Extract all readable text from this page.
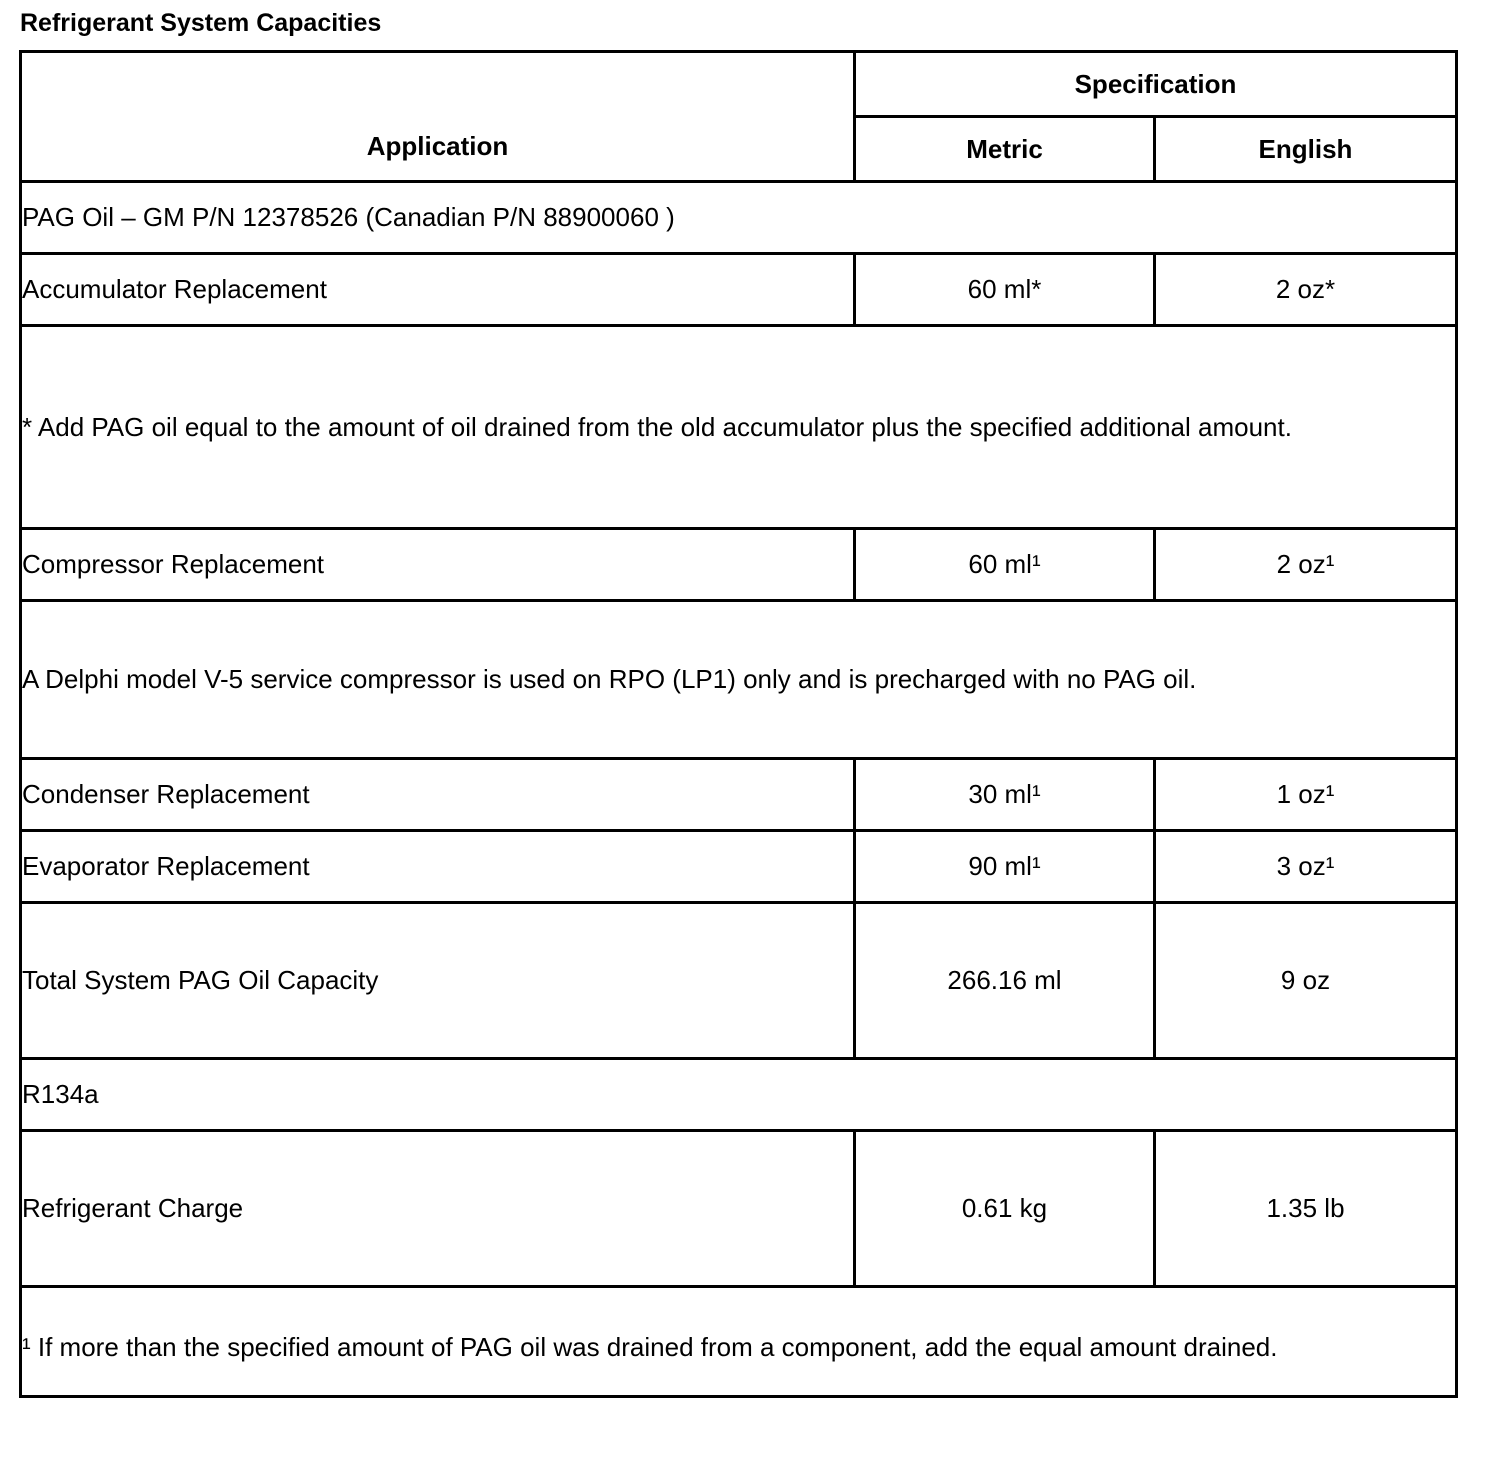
Refrigerant System Capacities
Application	Specification	
	Metric	English
PAG Oil – GM P/N 12378526 (Canadian P/N 88900060 )		
Accumulator Replacement	60 ml*	2 oz*
* Add PAG oil equal to the amount of oil drained from the old accumulator plus the specified additional amount.		
Compressor Replacement	60 ml¹	2 oz¹
A Delphi model V-5 service compressor is used on RPO (LP1) only and is precharged with no PAG oil.		
Condenser Replacement	30 ml¹	1 oz¹
Evaporator Replacement	90 ml¹	3 oz¹
Total System PAG Oil Capacity	266.16 ml	9 oz
R134a		
Refrigerant Charge	0.61 kg	1.35 lb
¹ If more than the specified amount of PAG oil was drained from a component, add the equal amount drained.		
